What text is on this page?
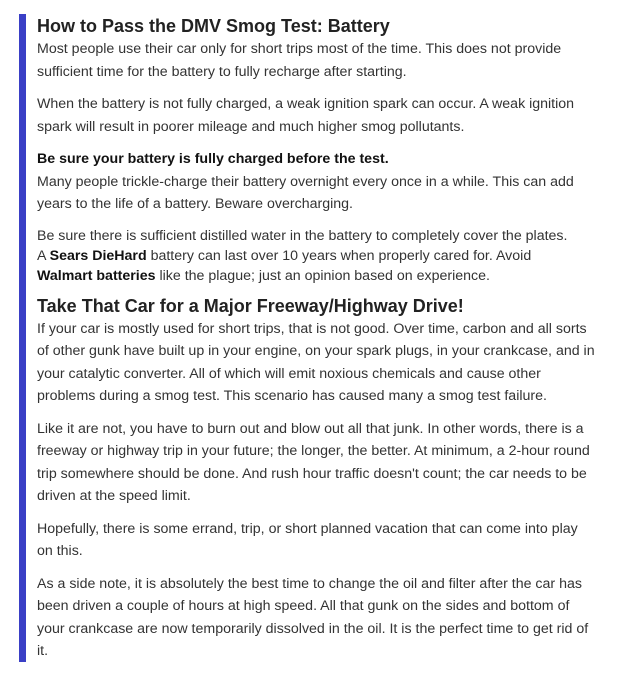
How to Pass the DMV Smog Test: Battery

Most people use their car only for short trips most of the time. This does not provide sufficient time for the battery to fully recharge after starting.

When the battery is not fully charged, a weak ignition spark can occur. A weak ignition spark will result in poorer mileage and much higher smog pollutants.

Be sure your battery is fully charged before the test.

Many people trickle-charge their battery overnight every once in a while. This can add years to the life of a battery. Beware overcharging.

Be sure there is sufficient distilled water in the battery to completely cover the plates.
A Sears DieHard battery can last over 10 years when properly cared for. Avoid
Walmart batteries like the plague; just an opinion based on experience.

Take That Car for a Major Freeway/Highway Drive!

If your car is mostly used for short trips, that is not good. Over time, carbon and all sorts of other gunk have built up in your engine, on your spark plugs, in your crankcase, and in your catalytic converter. All of which will emit noxious chemicals and cause other problems during a smog test. This scenario has caused many a smog test failure.

Like it are not, you have to burn out and blow out all that junk. In other words, there is a freeway or highway trip in your future; the longer, the better. At minimum, a 2-hour round trip somewhere should be done. And rush hour traffic doesn't count; the car needs to be driven at the speed limit.

Hopefully, there is some errand, trip, or short planned vacation that can come into play on this.

As a side note, it is absolutely the best time to change the oil and filter after the car has been driven a couple of hours at high speed. All that gunk on the sides and bottom of your crankcase are now temporarily dissolved in the oil. It is the perfect time to get rid of it.
